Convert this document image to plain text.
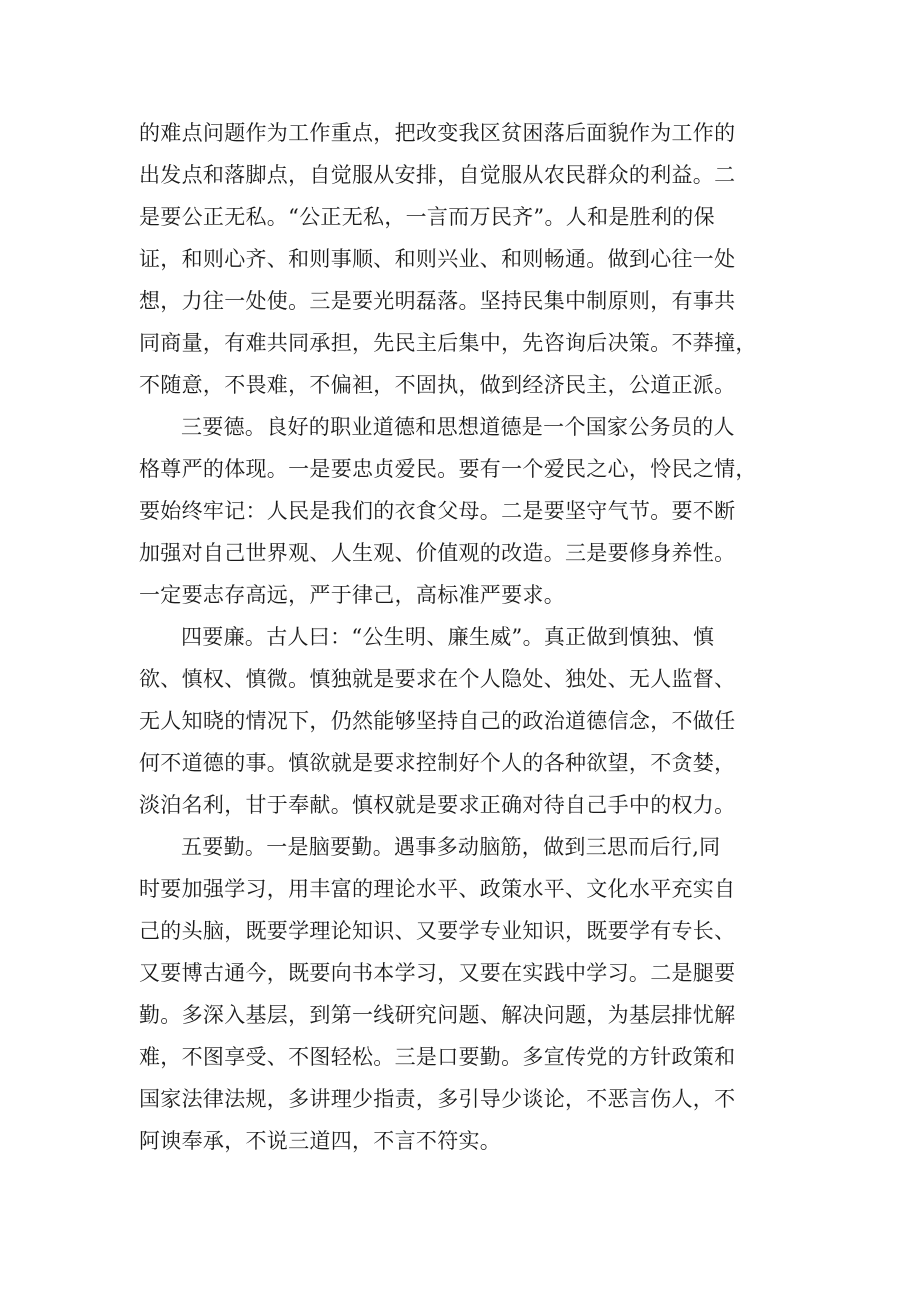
的难点问题作为工作重点，把改变我区贫困落后面貌作为工作的
出发点和落脚点，自觉服从安排，自觉服从农民群众的利益。二
是要公正无私。“公正无私，一言而万民齐”。人和是胜利的保
证，和则心齐、和则事顺、和则兴业、和则畅通。做到心往一处
想，力往一处使。三是要光明磊落。坚持民集中制原则，有事共
同商量，有难共同承担，先民主后集中，先咨询后决策。不莽撞，
不随意，不畏难，不偏袒，不固执，做到经济民主，公道正派。
三要德。良好的职业道德和思想道德是一个国家公务员的人
格尊严的体现。一是要忠贞爱民。要有一个爱民之心，怜民之情，
要始终牢记：人民是我们的衣食父母。二是要坚守气节。要不断
加强对自己世界观、人生观、价值观的改造。三是要修身养性。
一定要志存高远，严于律己，高标准严要求。
四要廉。古人曰：“公生明、廉生威”。真正做到慎独、慎
欲、慎权、慎微。慎独就是要求在个人隐处、独处、无人监督、
无人知晓的情况下，仍然能够坚持自己的政治道德信念，不做任
何不道德的事。慎欲就是要求控制好个人的各种欲望，不贪婪，
淡泊名利，甘于奉献。慎权就是要求正确对待自己手中的权力。
五要勤。一是脑要勤。遇事多动脑筋，做到三思而后行,同
时要加强学习，用丰富的理论水平、政策水平、文化水平充实自
己的头脑，既要学理论知识、又要学专业知识，既要学有专长、
又要博古通今，既要向书本学习，又要在实践中学习。二是腿要
勤。多深入基层，到第一线研究问题、解决问题，为基层排忧解
难，不图享受、不图轻松。三是口要勤。多宣传党的方针政策和
国家法律法规，多讲理少指责，多引导少谈论，不恶言伤人，不
阿谀奉承，不说三道四，不言不符实。
